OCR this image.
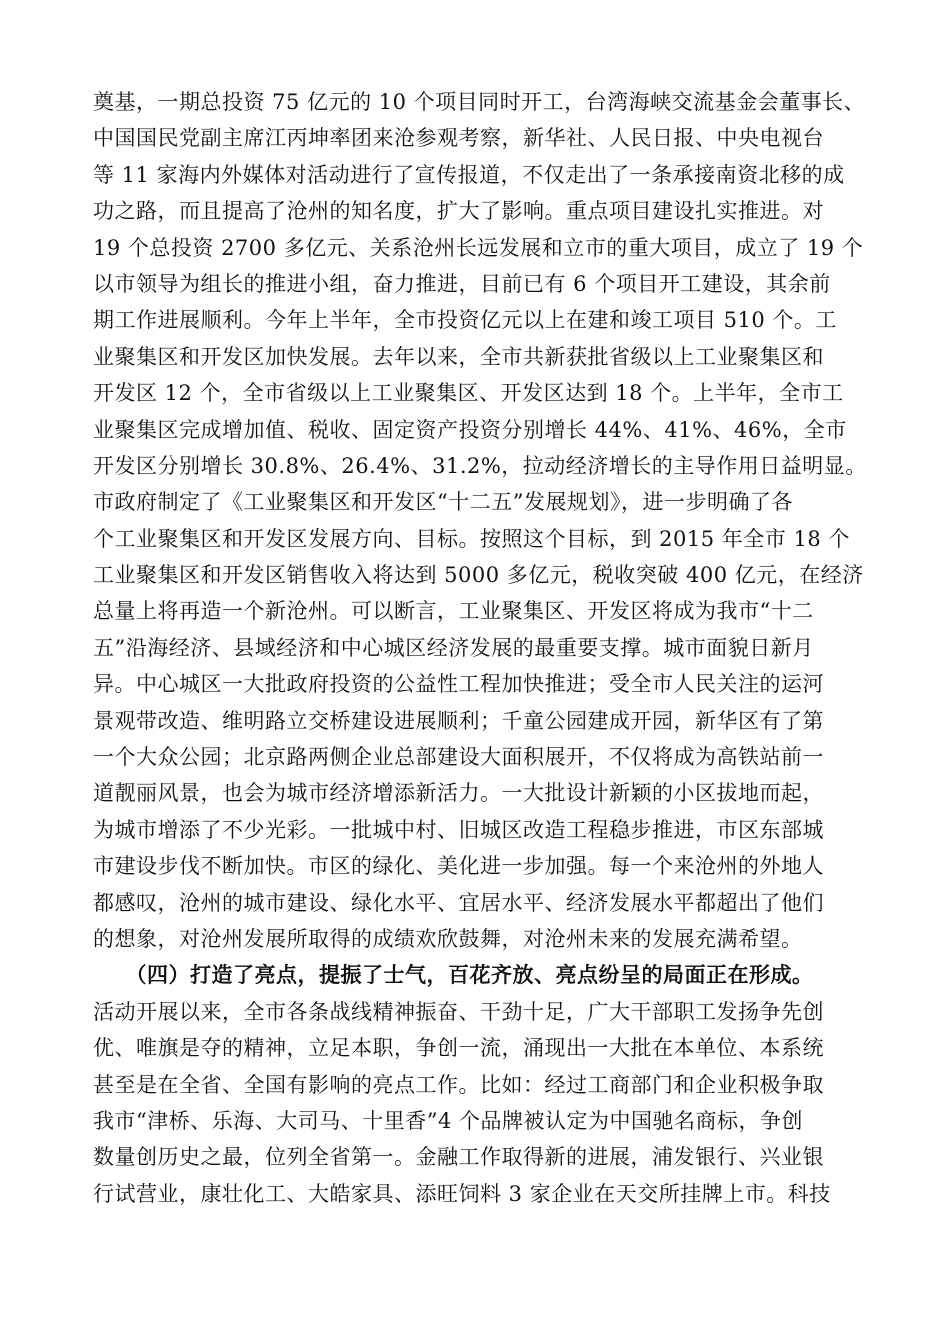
奠基，一期总投资 75 亿元的 10 个项目同时开工，台湾海峡交流基金会董事长、
中国国民党副主席江丙坤率团来沧参观考察，新华社、人民日报、中央电视台
等 11 家海内外媒体对活动进行了宣传报道，不仅走出了一条承接南资北移的成
功之路，而且提高了沧州的知名度，扩大了影响。重点项目建设扎实推进。对
19 个总投资 2700 多亿元、关系沧州长远发展和立市的重大项目，成立了 19 个
以市领导为组长的推进小组，奋力推进，目前已有 6 个项目开工建设，其余前
期工作进展顺利。今年上半年，全市投资亿元以上在建和竣工项目 510 个。工
业聚集区和开发区加快发展。去年以来，全市共新获批省级以上工业聚集区和
开发区 12 个，全市省级以上工业聚集区、开发区达到 18 个。上半年，全市工
业聚集区完成增加值、税收、固定资产投资分别增长 44%、41%、46%，全市
开发区分别增长 30.8%、26.4%、31.2%，拉动经济增长的主导作用日益明显。
市政府制定了《工业聚集区和开发区“十二五”发展规划》，进一步明确了各
个工业聚集区和开发区发展方向、目标。按照这个目标，到 2015 年全市 18 个
工业聚集区和开发区销售收入将达到 5000 多亿元，税收突破 400 亿元，在经济
总量上将再造一个新沧州。可以断言，工业聚集区、开发区将成为我市“十二
五”沿海经济、县域经济和中心城区经济发展的最重要支撑。城市面貌日新月
异。中心城区一大批政府投资的公益性工程加快推进；受全市人民关注的运河
景观带改造、维明路立交桥建设进展顺利；千童公园建成开园，新华区有了第
一个大众公园；北京路两侧企业总部建设大面积展开，不仅将成为高铁站前一
道靓丽风景，也会为城市经济增添新活力。一大批设计新颖的小区拔地而起，
为城市增添了不少光彩。一批城中村、旧城区改造工程稳步推进，市区东部城
市建设步伐不断加快。市区的绿化、美化进一步加强。每一个来沧州的外地人
都感叹，沧州的城市建设、绿化水平、宜居水平、经济发展水平都超出了他们
的想象，对沧州发展所取得的成绩欢欣鼓舞，对沧州未来的发展充满希望。
　　（四）打造了亮点，提振了士气，百花齐放、亮点纷呈的局面正在形成。
活动开展以来，全市各条战线精神振奋、干劲十足，广大干部职工发扬争先创
优、唯旗是夺的精神，立足本职，争创一流，涌现出一大批在本单位、本系统
甚至是在全省、全国有影响的亮点工作。比如：经过工商部门和企业积极争取
我市“津桥、乐海、大司马、十里香”4 个品牌被认定为中国驰名商标，争创
数量创历史之最，位列全省第一。金融工作取得新的进展，浦发银行、兴业银
行试营业，康壮化工、大皓家具、添旺饲料 3 家企业在天交所挂牌上市。科技
